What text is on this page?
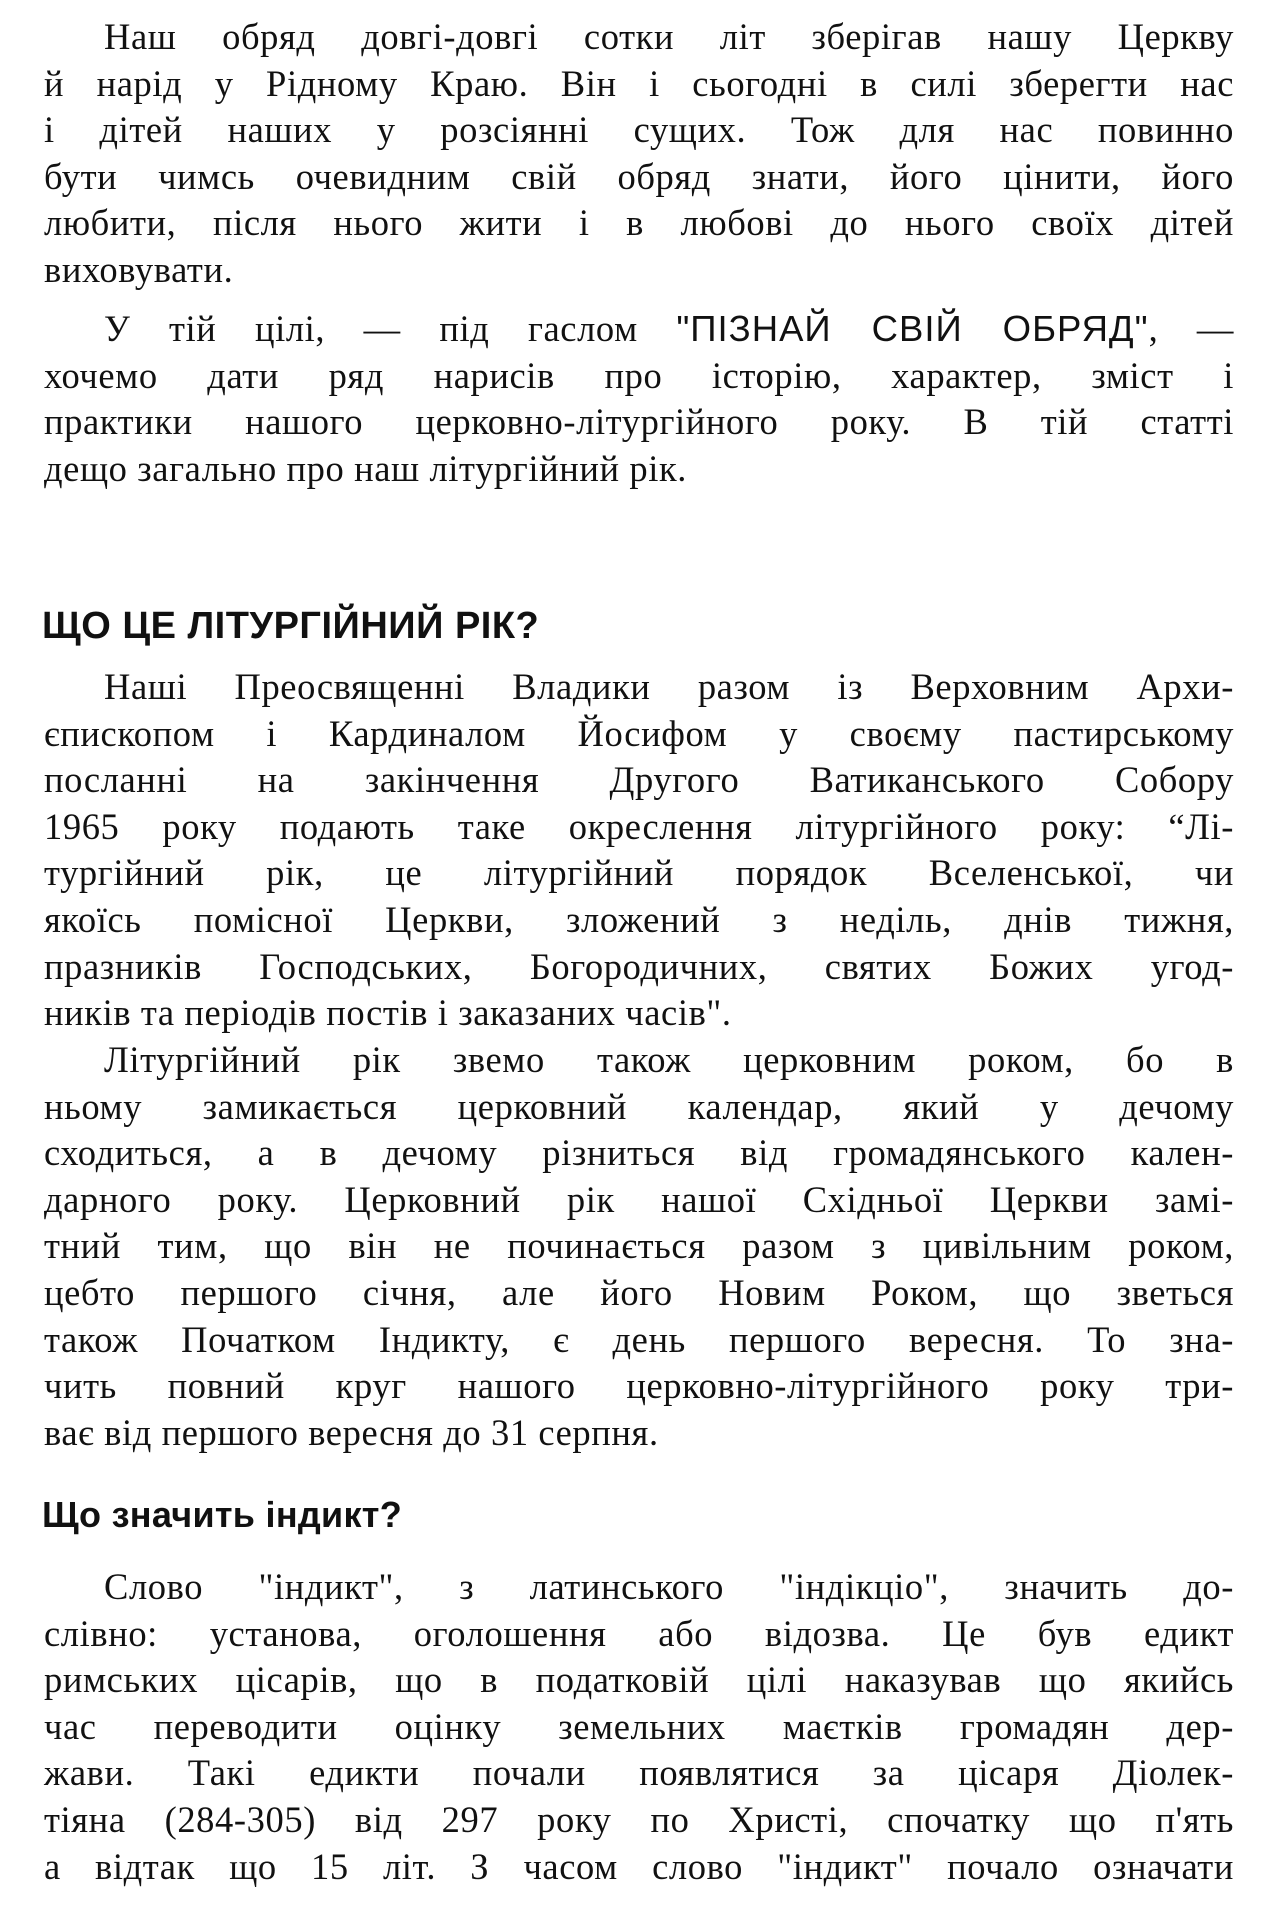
Наш обряд довгі-довгі сотки літ зберігав нашу Церкву
й нарід у Рідному Краю. Він і сьогодні в силі зберегти нас
і дітей наших у розсіянні сущих. Тож для нас повинно
бути чимсь очевидним свій обряд знати, його цінити, його
любити, після нього жити і в любові до нього своїх дітей
виховувати.
У тій цілі, — під гаслом "ПІЗНАЙ СВІЙ ОБРЯД", —
хочемо дати ряд нарисів про історію, характер, зміст і
практики нашого церковно-літургійного року. В тій статті
дещо загально про наш літургійний рік.
ЩО ЦЕ ЛІТУРГІЙНИЙ РІК?
Наші Преосвященні Владики разом із Верховним Архи-
єпископом і Кардиналом Йосифом у своєму пастирському
посланні на закінчення Другого Ватиканського Собору
1965 року подають таке окреслення літургійного року: “Лі-
тургійний рік, це літургійний порядок Вселенської, чи
якоїсь помісної Церкви, зложений з неділь, днів тижня,
празників Господських, Богородичних, святих Божих угод-
ників та періодів постів і заказаних часів".
Літургійний рік звемо також церковним роком, бо в
ньому замикається церковний календар, який у дечому
сходиться, а в дечому різниться від громадянського кален-
дарного року. Церковний рік нашої Східньої Церкви замі-
тний тим, що він не починається разом з цивільним роком,
цебто першого січня, але його Новим Роком, що зветься
також Початком Індикту, є день першого вересня. То зна-
чить повний круг нашого церковно-літургійного року три-
ває від першого вересня до 31 серпня.
Що значить індикт?
Слово "індикт", з латинського "індікціо", значить до-
слівно: установа, оголошення або відозва. Це був едикт
римських цісарів, що в податковій цілі наказував що якийсь
час переводити оцінку земельних маєтків громадян дер-
жави. Такі едикти почали появлятися за цісаря Діолек-
тіяна (284-305) від 297 року по Христі, спочатку що п'ять
а відтак що 15 літ. З часом слово "індикт" почало означати
